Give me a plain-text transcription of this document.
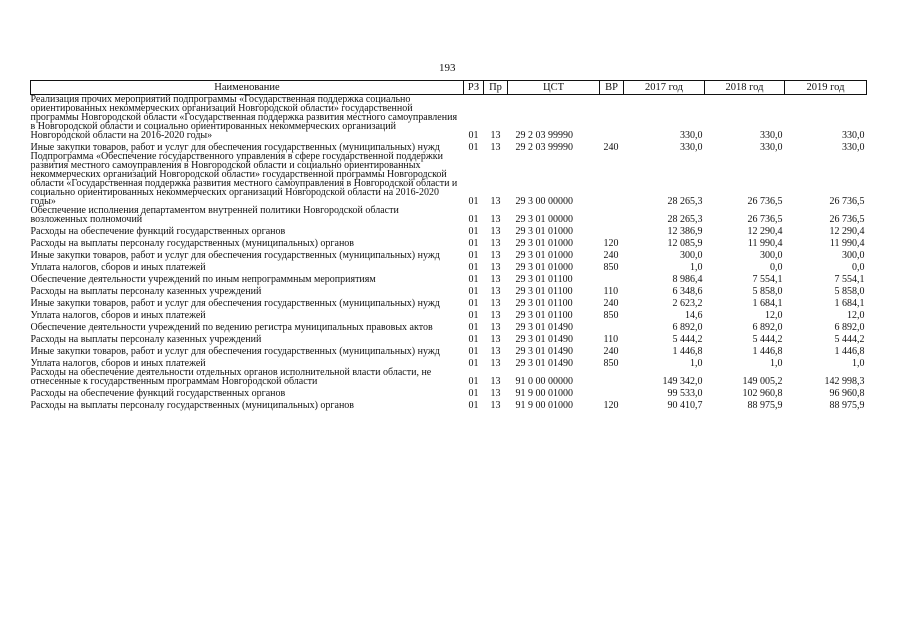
193
Наименование	РЗ	Пр	ЦСТ	ВР	2017 год	2018 год	2019 год
Реализация прочих мероприятий подпрограммы «Государственная поддержка социально ориентированных некоммерческих организаций Новгородской области» государственной программы Новгородской области «Государственная поддержка развития местного самоуправления в Новгородской области и социально ориентированных некоммерческих организаций Новгородской области на 2016-2020 годы»	01	13	29 2 03 99990		330,0	330,0	330,0
Иные закупки товаров, работ и услуг для обеспечения государственных (муниципальных) нужд	01	13	29 2 03 99990	240	330,0	330,0	330,0
Подпрограмма «Обеспечение государственного управления в сфере государственной поддержки развития местного самоуправления в Новгородской области и социально ориентированных некоммерческих организаций Новгородской области» государственной программы Новгородской области «Государственная поддержка развития местного самоуправления в Новгородской области и социально ориентированных некоммерческих организаций Новгородской области на 2016-2020 годы»	01	13	29 3 00 00000		28 265,3	26 736,5	26 736,5
Обеспечение исполнения департаментом внутренней политики Новгородской области возложенных полномочий	01	13	29 3 01 00000		28 265,3	26 736,5	26 736,5
Расходы на обеспечение функций государственных органов	01	13	29 3 01 01000		12 386,9	12 290,4	12 290,4
Расходы на выплаты персоналу государственных (муниципальных) органов	01	13	29 3 01 01000	120	12 085,9	11 990,4	11 990,4
Иные закупки товаров, работ и услуг для обеспечения государственных (муниципальных) нужд	01	13	29 3 01 01000	240	300,0	300,0	300,0
Уплата налогов, сборов и иных платежей	01	13	29 3 01 01000	850	1,0	0,0	0,0
Обеспечение деятельности учреждений по иным непрограммным мероприятиям	01	13	29 3 01 01100		8 986,4	7 554,1	7 554,1
Расходы на выплаты персоналу казенных учреждений	01	13	29 3 01 01100	110	6 348,6	5 858,0	5 858,0
Иные закупки товаров, работ и услуг для обеспечения государственных (муниципальных) нужд	01	13	29 3 01 01100	240	2 623,2	1 684,1	1 684,1
Уплата налогов, сборов и иных платежей	01	13	29 3 01 01100	850	14,6	12,0	12,0
Обеспечение деятельности учреждений по ведению регистра муниципальных правовых актов	01	13	29 3 01 01490		6 892,0	6 892,0	6 892,0
Расходы на выплаты персоналу казенных учреждений	01	13	29 3 01 01490	110	5 444,2	5 444,2	5 444,2
Иные закупки товаров, работ и услуг для обеспечения государственных (муниципальных) нужд	01	13	29 3 01 01490	240	1 446,8	1 446,8	1 446,8
Уплата налогов, сборов и иных платежей	01	13	29 3 01 01490	850	1,0	1,0	1,0
Расходы на обеспечение деятельности отдельных органов исполнительной власти области, не отнесенные к государственным программам Новгородской области	01	13	91 0 00 00000		149 342,0	149 005,2	142 998,3
Расходы на обеспечение функций государственных органов	01	13	91 9 00 01000		99 533,0	102 960,8	96 960,8
Расходы на выплаты персоналу государственных (муниципальных) органов	01	13	91 9 00 01000	120	90 410,7	88 975,9	88 975,9
